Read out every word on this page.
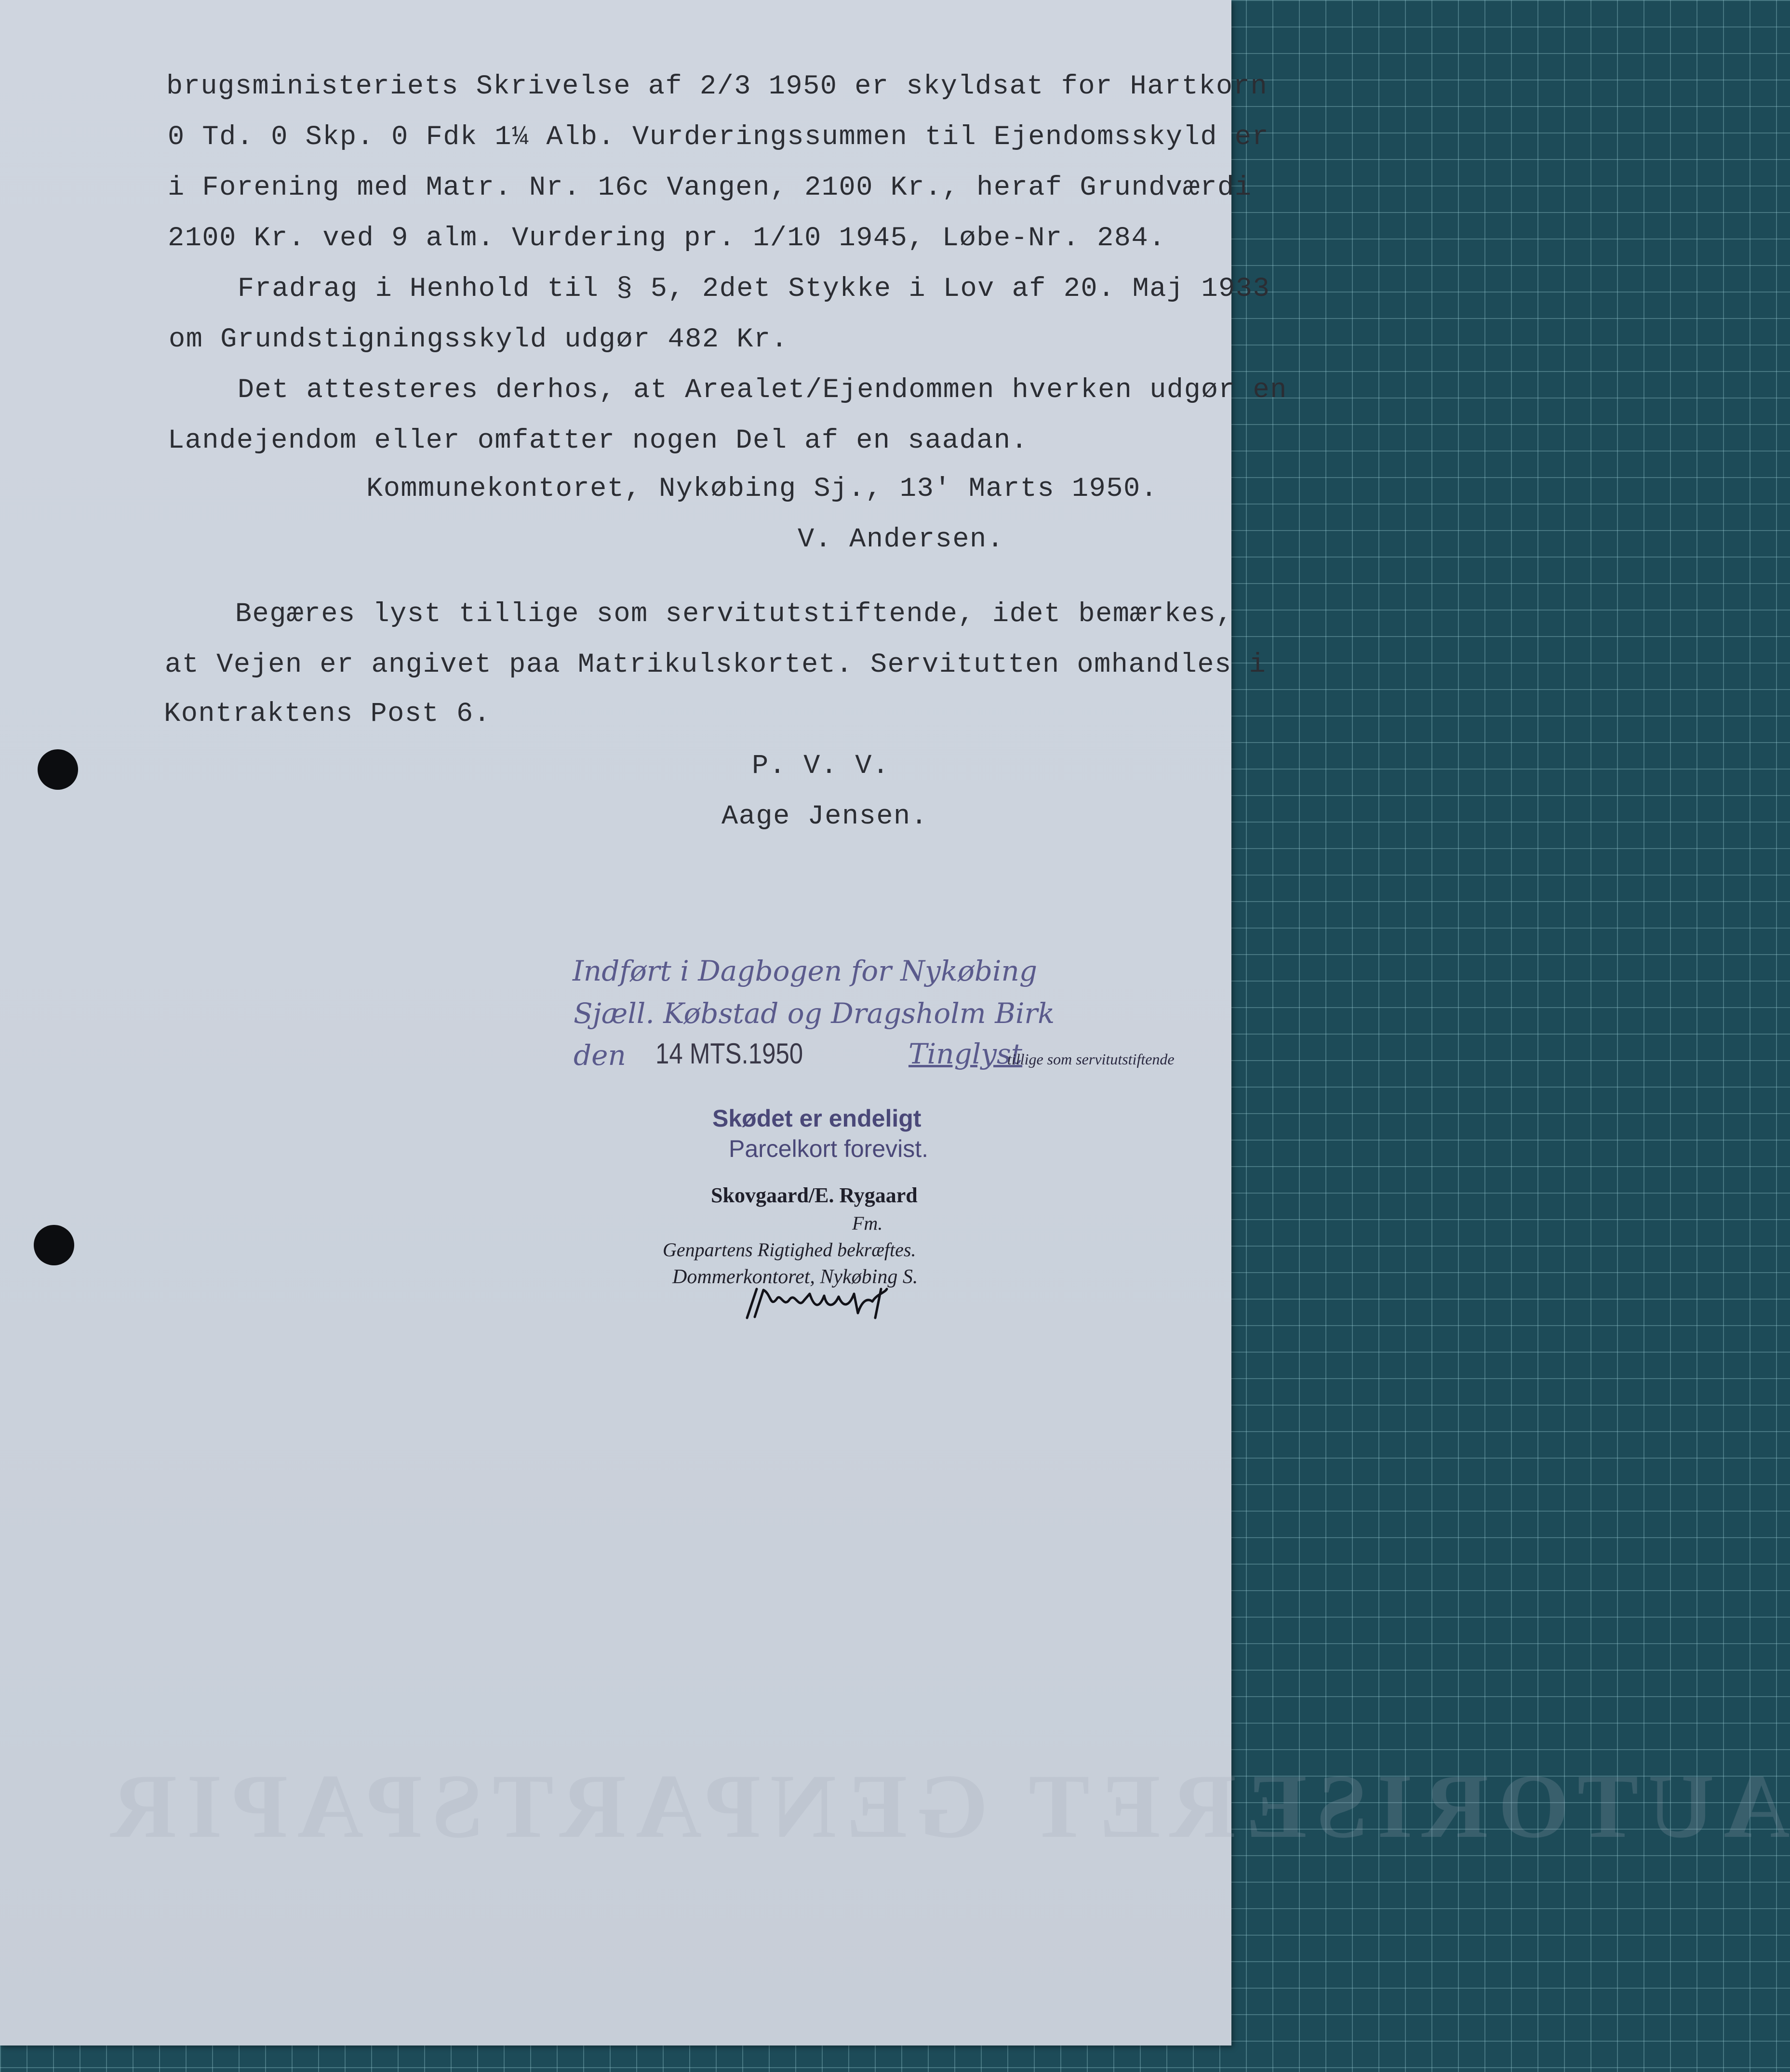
AUTORISERET GENPARTSPAPIR
brugsministeriets Skrivelse af 2/3 1950 er skyldsat for Hartkorn
0 Td. 0 Skp. 0 Fdk 1¼ Alb. Vurderingssummen til Ejendomsskyld er
i Forening med Matr. Nr. 16c Vangen, 2100 Kr., heraf Grundværdi
2100 Kr. ved 9 alm. Vurdering pr. 1/10 1945, Løbe-Nr. 284.
Fradrag i Henhold til § 5, 2det Stykke i Lov af 20. Maj 1933
om Grundstigningsskyld udgør 482 Kr.
Det attesteres derhos, at Arealet/Ejendommen hverken udgør en
Landejendom eller omfatter nogen Del af en saadan.
Kommunekontoret, Nykøbing Sj., 13' Marts 1950.
V. Andersen.
Begæres lyst tillige som servitutstiftende, idet bemærkes,
at Vejen er angivet paa Matrikulskortet. Servitutten omhandles i
Kontraktens Post 6.
P. V. V.
Aage Jensen.
Indført i Dagbogen for Nykøbing
Sjæll. Købstad og Dragsholm Birk
den 14 MTS.1950	Tinglyst
tillige som servitutstiftende
Skødet er endeligt
Parcelkort forevist.
Skovgaard/E. Rygaard
Fm.
Genpartens Rigtighed bekræftes.
Dommerkontoret, Nykøbing S.
